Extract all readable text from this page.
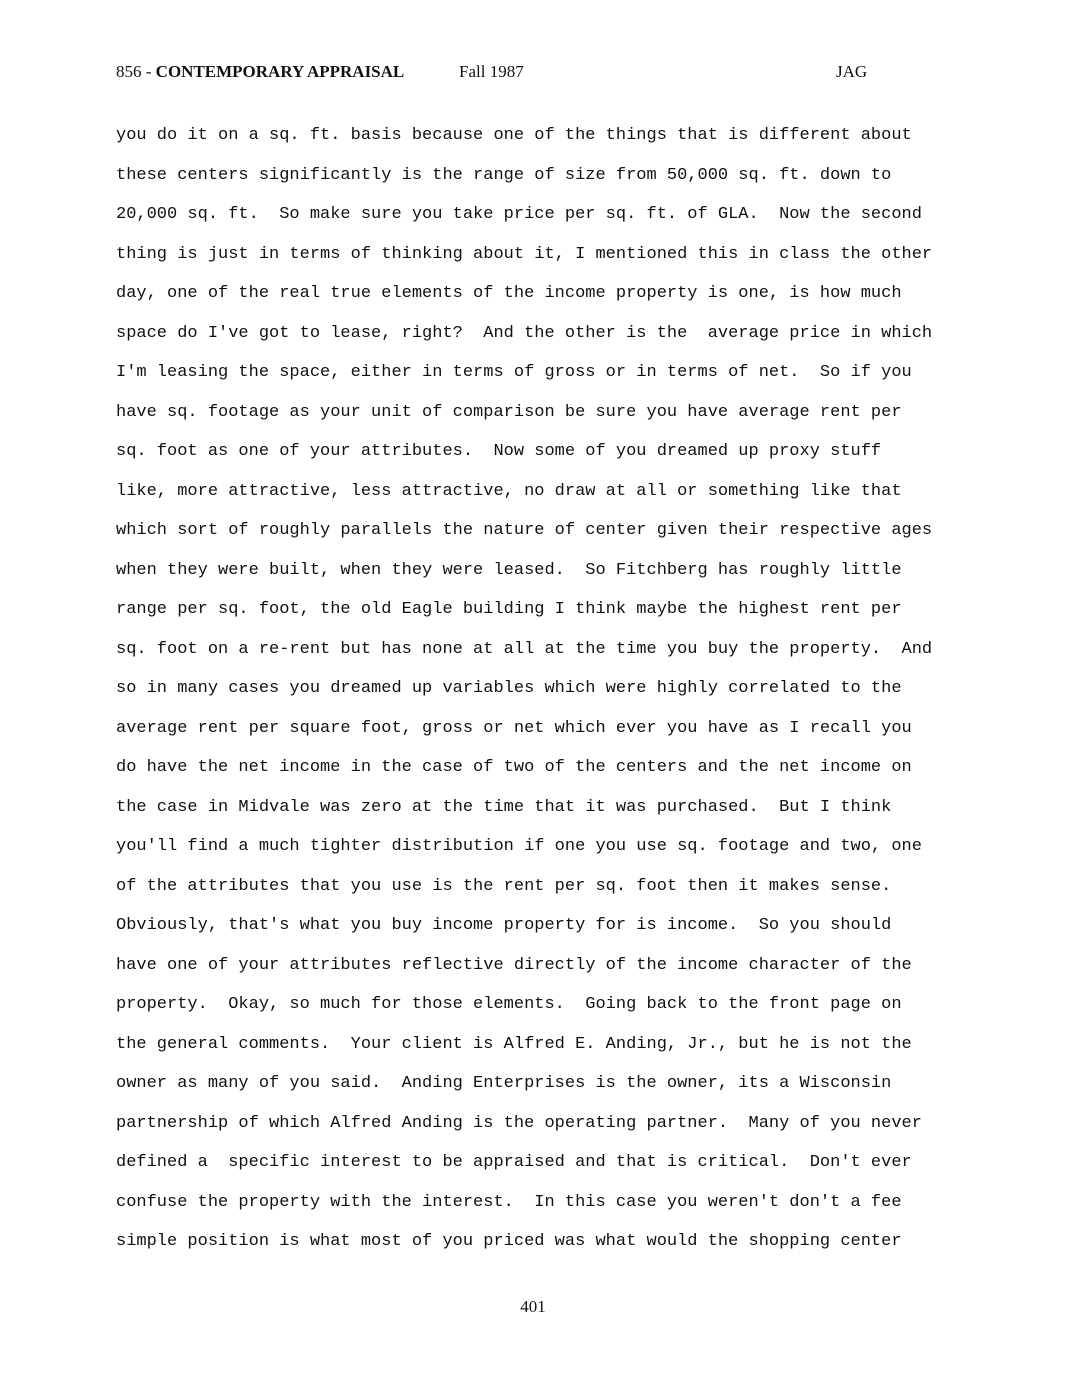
856 - CONTEMPORARY APPRAISAL	Fall 1987	JAG
you do it on a sq. ft. basis because one of the things that is different about
these centers significantly is the range of size from 50,000 sq. ft. down to
20,000 sq. ft.  So make sure you take price per sq. ft. of GLA.  Now the second
thing is just in terms of thinking about it, I mentioned this in class the other
day, one of the real true elements of the income property is one, is how much
space do I've got to lease, right?  And the other is the  average price in which
I'm leasing the space, either in terms of gross or in terms of net.  So if you
have sq. footage as your unit of comparison be sure you have average rent per
sq. foot as one of your attributes.  Now some of you dreamed up proxy stuff
like, more attractive, less attractive, no draw at all or something like that
which sort of roughly parallels the nature of center given their respective ages
when they were built, when they were leased.  So Fitchberg has roughly little
range per sq. foot, the old Eagle building I think maybe the highest rent per
sq. foot on a re-rent but has none at all at the time you buy the property.  And
so in many cases you dreamed up variables which were highly correlated to the
average rent per square foot, gross or net which ever you have as I recall you
do have the net income in the case of two of the centers and the net income on
the case in Midvale was zero at the time that it was purchased.  But I think
you'll find a much tighter distribution if one you use sq. footage and two, one
of the attributes that you use is the rent per sq. foot then it makes sense.
Obviously, that's what you buy income property for is income.  So you should
have one of your attributes reflective directly of the income character of the
property.  Okay, so much for those elements.  Going back to the front page on
the general comments.  Your client is Alfred E. Anding, Jr., but he is not the
owner as many of you said.  Anding Enterprises is the owner, its a Wisconsin
partnership of which Alfred Anding is the operating partner.  Many of you never
defined a  specific interest to be appraised and that is critical.  Don't ever
confuse the property with the interest.  In this case you weren't don't a fee
simple position is what most of you priced was what would the shopping center
401
